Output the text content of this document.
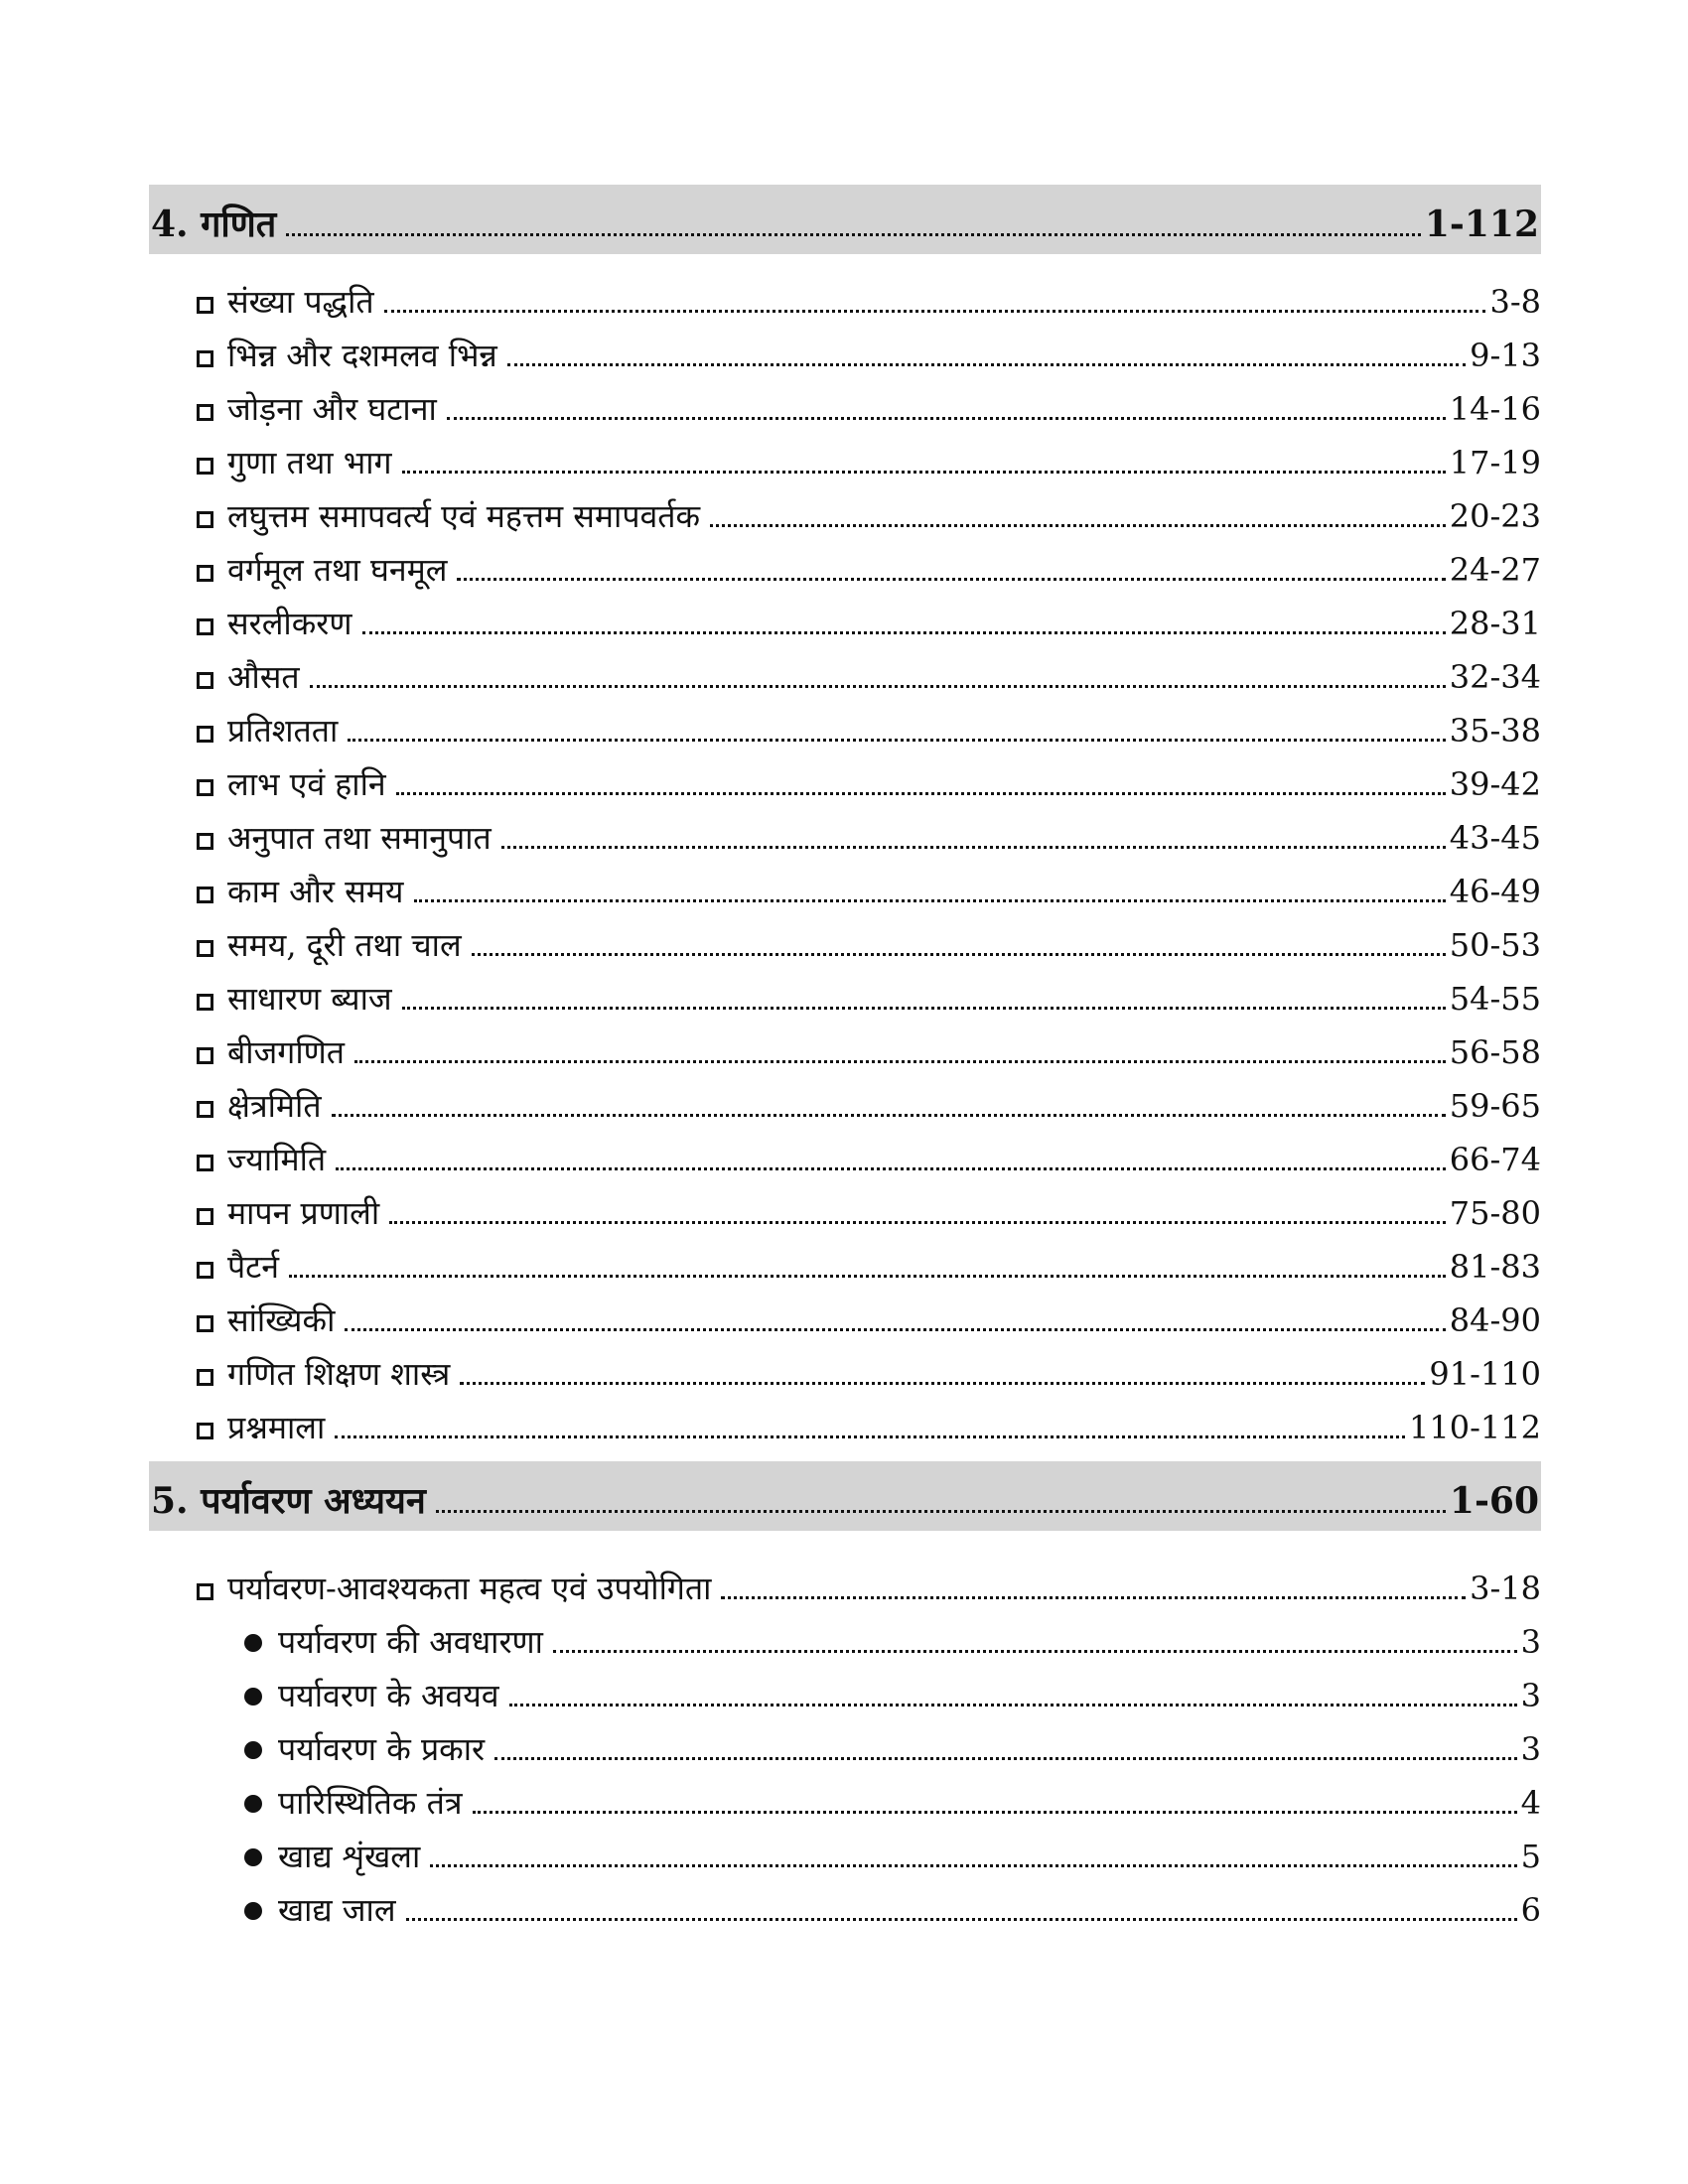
4. गणित	1-112
संख्या पद्धति	3-8
भिन्न और दशमलव भिन्न	9-13
जोड़ना और घटाना	14-16
गुणा तथा भाग	17-19
लघुत्तम समापवर्त्य एवं महत्तम समापवर्तक	20-23
वर्गमूल तथा घनमूल	24-27
सरलीकरण	28-31
औसत	32-34
प्रतिशतता	35-38
लाभ एवं हानि	39-42
अनुपात तथा समानुपात	43-45
काम और समय	46-49
समय, दूरी तथा चाल	50-53
साधारण ब्याज	54-55
बीजगणित	56-58
क्षेत्रमिति	59-65
ज्यामिति	66-74
मापन प्रणाली	75-80
पैटर्न	81-83
सांख्यिकी	84-90
गणित शिक्षण शास्त्र	91-110
प्रश्नमाला	110-112
5. पर्यावरण अध्ययन	1-60
पर्यावरण-आवश्यकता महत्व एवं उपयोगिता	3-18
पर्यावरण की अवधारणा	3
पर्यावरण के अवयव	3
पर्यावरण के प्रकार	3
पारिस्थितिक तंत्र	4
खाद्य शृंखला	5
खाद्य जाल	6
